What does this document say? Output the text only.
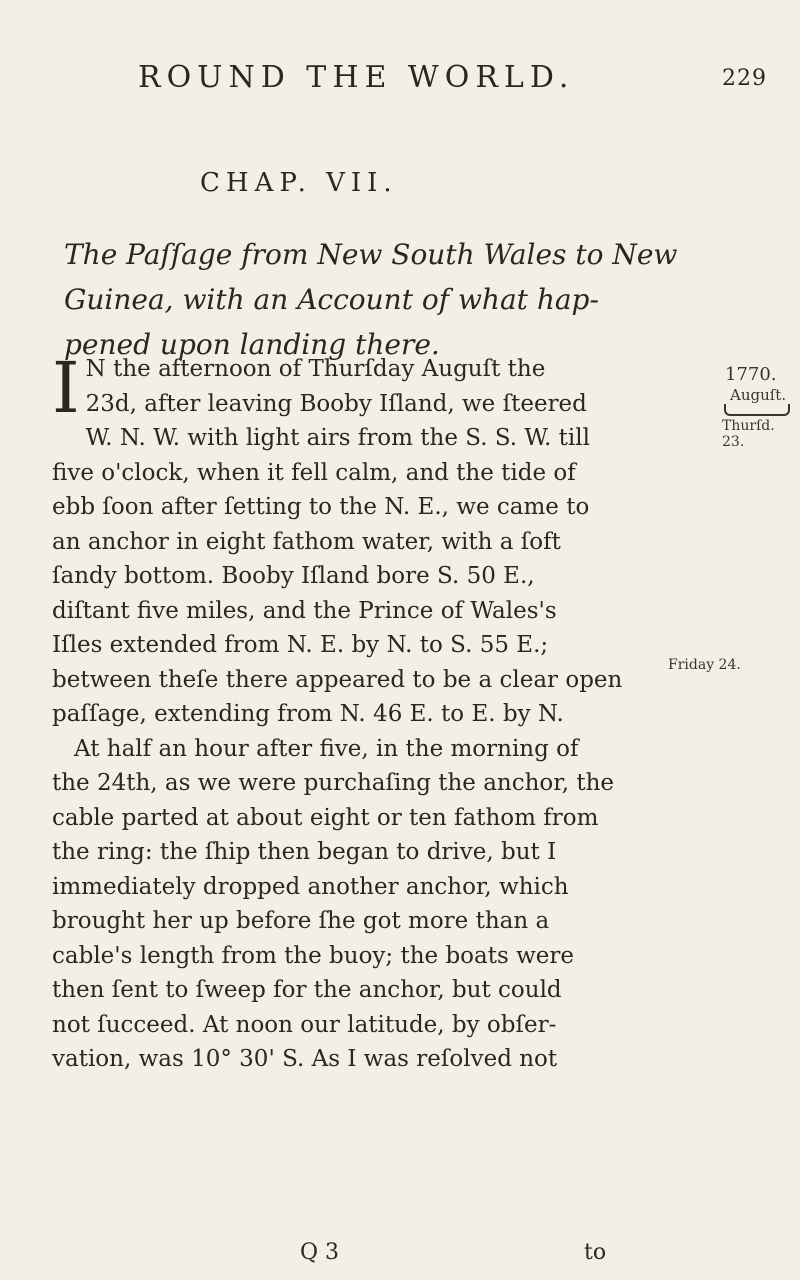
ROUND THE WORLD.	229
CHAP. VII.
The Paſſage from New South Wales to New
Guinea, with an Account of what hap-
pened upon landing there.
I N the afternoon of Thurſday Auguſt the
23d, after leaving Booby Iſland, we ſteered
W. N. W. with light airs from the S. S. W. till
five o'clock, when it fell calm, and the tide of
ebb ſoon after ſetting to the N. E., we came to
an anchor in eight fathom water, with a ſoft
ſandy bottom. Booby Iſland bore S. 50 E.,
diſtant five miles, and the Prince of Wales's
Iſles extended from N. E. by N. to S. 55 E.;
between theſe there appeared to be a clear open
paſſage, extending from N. 46 E. to E. by N.
At half an hour after five, in the morning of
the 24th, as we were purchaſing the anchor, the
cable parted at about eight or ten fathom from
the ring: the ſhip then began to drive, but I
immediately dropped another anchor, which
brought her up before ſhe got more than a
cable's length from the buoy; the boats were
then ſent to ſweep for the anchor, but could
not ſucceed. At noon our latitude, by obſer-
vation, was 10° 30' S. As I was reſolved not
1770.
Auguſt.
Thurſd. 23.
Friday 24.
Q 3	to
